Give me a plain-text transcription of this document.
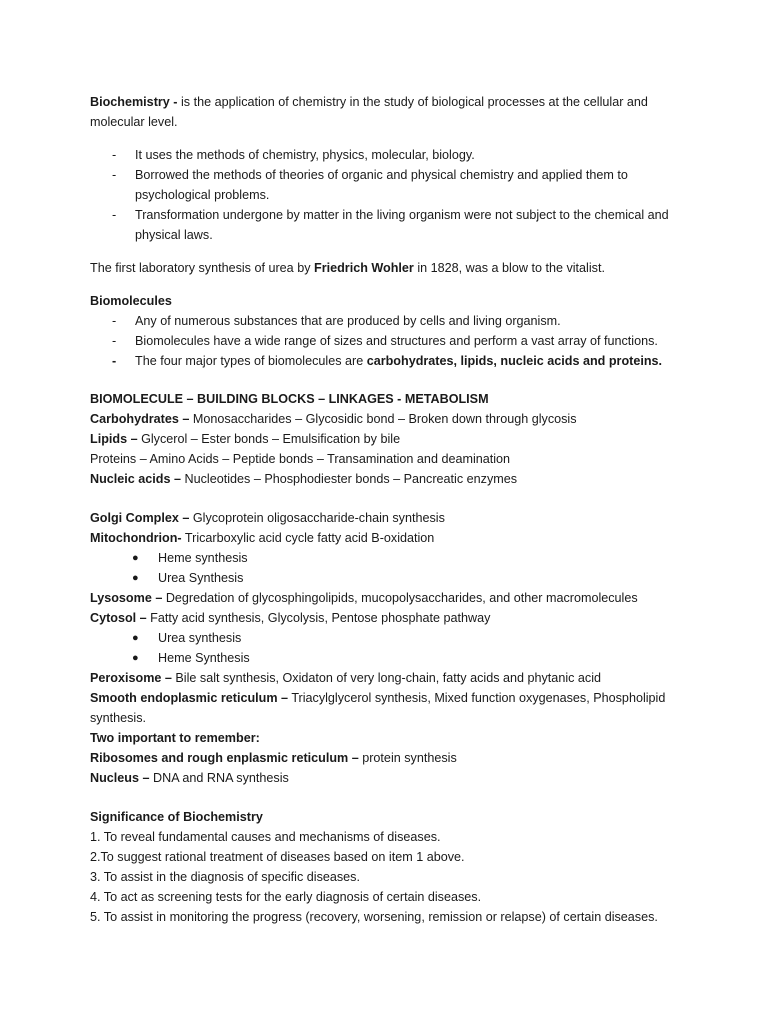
Biochemistry - is the application of chemistry in the study of biological processes at the cellular and molecular level.

- It uses the methods of chemistry, physics, molecular, biology.
- Borrowed the methods of theories of organic and physical chemistry and applied them to psychological problems.
- Transformation undergone by matter in the living organism were not subject to the chemical and physical laws.

The first laboratory synthesis of urea by Friedrich Wohler in 1828, was a blow to the vitalist.

Biomolecules

- Any of numerous substances that are produced by cells and living organism.
- Biomolecules have a wide range of sizes and structures and perform a vast array of functions.
- The four major types of biomolecules are carbohydrates, lipids, nucleic acids and proteins.

BIOMOLECULE – BUILDING BLOCKS – LINKAGES - METABOLISM

Carbohydrates – Monosaccharides – Glycosidic bond – Broken down through glycosis

Lipids – Glycerol – Ester bonds – Emulsification by bile

Proteins – Amino Acids – Peptide bonds – Transamination and deamination

Nucleic acids – Nucleotides – Phosphodiester bonds – Pancreatic enzymes

Golgi Complex – Glycoprotein oligosaccharide-chain synthesis

Mitochondrion- Tricarboxylic acid cycle fatty acid B-oxidation

● Heme synthesis
● Urea Synthesis

Lysosome – Degredation of glycosphingolipids, mucopolysaccharides, and other macromolecules

Cytosol – Fatty acid synthesis, Glycolysis, Pentose phosphate pathway

● Urea synthesis
● Heme Synthesis

Peroxisome – Bile salt synthesis, Oxidaton of very long-chain, fatty acids and phytanic acid

Smooth endoplasmic reticulum – Triacylglycerol synthesis, Mixed function oxygenases, Phospholipid synthesis.

Two important to remember:

Ribosomes and rough enplasmic reticulum – protein synthesis

Nucleus – DNA and RNA synthesis

Significance of Biochemistry

1. To reveal fundamental causes and mechanisms of diseases.

2.To suggest rational treatment of diseases based on item 1 above.

3. To assist in the diagnosis of specific diseases.

4. To act as screening tests for the early diagnosis of certain diseases.

5. To assist in monitoring the progress (recovery, worsening, remission or relapse) of certain diseases.
